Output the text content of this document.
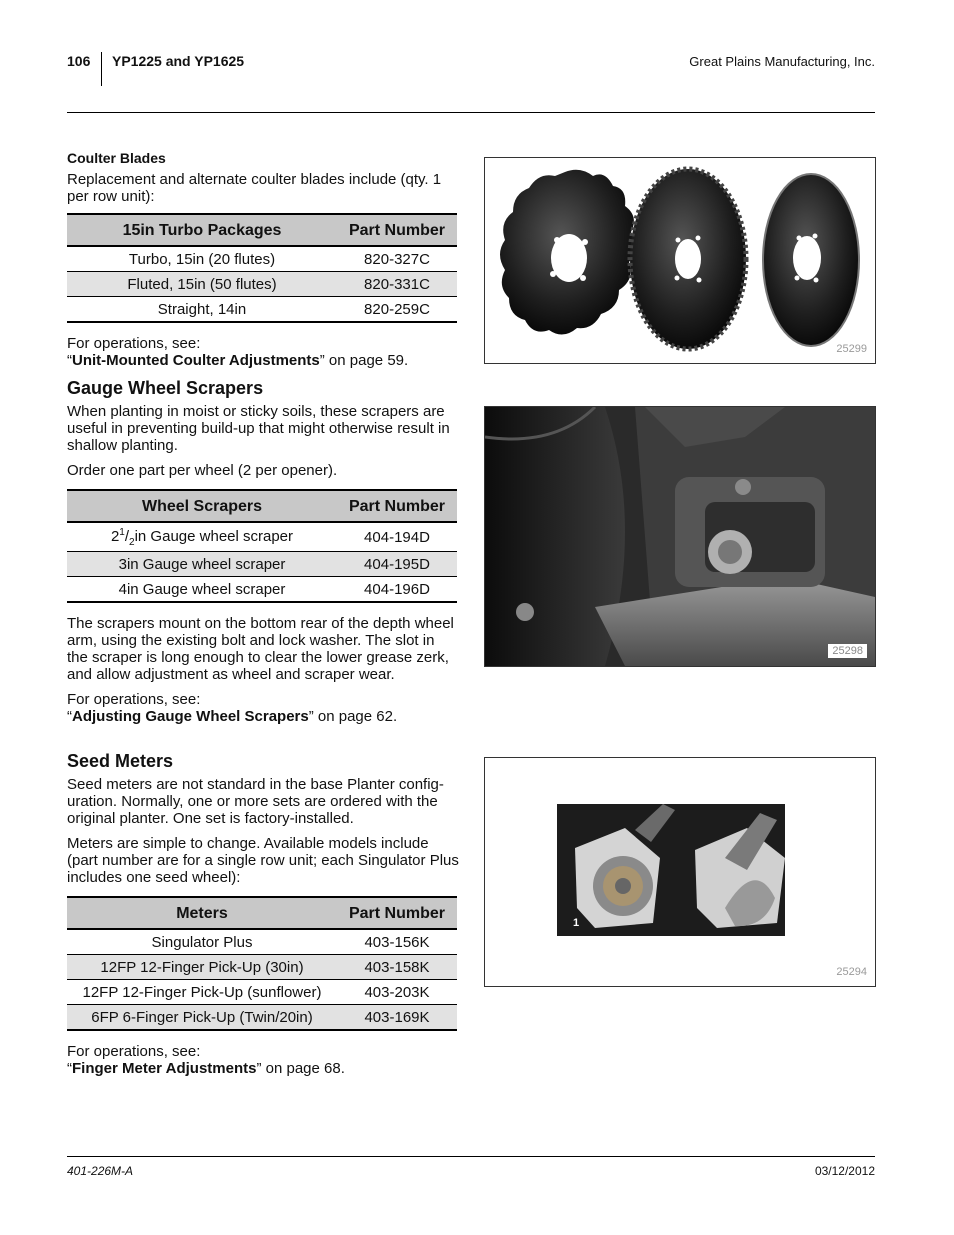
106 YP1225 and YP1625	Great Plains Manufacturing, Inc.
Coulter Blades

Replacement and alternate coulter blades include (qty. 1 per row unit):

15in Turbo Packages	Part Number
Turbo, 15in (20 flutes)	820-327C
Fluted, 15in (50 flutes)	820-331C
Straight, 14in	820-259C
For operations, see:
“Unit-Mounted Coulter Adjustments” on page 59.
Gauge Wheel Scrapers

When planting in moist or sticky soils, these scrapers are useful in preventing build-up that might otherwise result in shallow planting.

Order one part per wheel (2 per opener).

Wheel Scrapers	Part Number
$2^1/_2in$ Gauge wheel scraper	404-194D
3in Gauge wheel scraper	404-195D
4in Gauge wheel scraper	404-196D

The scrapers mount on the bottom rear of the depth wheel arm, using the existing bolt and lock washer. The slot in the scraper is long enough to clear the lower grease zerk, and allow adjustment as wheel and scraper wear.

For operations, see:
“Adjusting Gauge Wheel Scrapers” on page 62.
Seed Meters

Seed meters are not standard in the base Planter config-uration. Normally, one or more sets are ordered with the original planter. One set is factory-installed.

Meters are simple to change. Available models include (part number are for a single row unit; each Singulator Plus includes one seed wheel):

Meters	Part Number
Singulator Plus	403-156K
12FP 12-Finger Pick-Up (30in)	403-158K
12FP 12-Finger Pick-Up (sunflower)	403-203K
6FP 6-Finger Pick-Up (Twin/20in)	403-169K
For operations, see:
“Finger Meter Adjustments” on page 68.
25299
25298
1
25294
401-226M-A	03/12/2012
